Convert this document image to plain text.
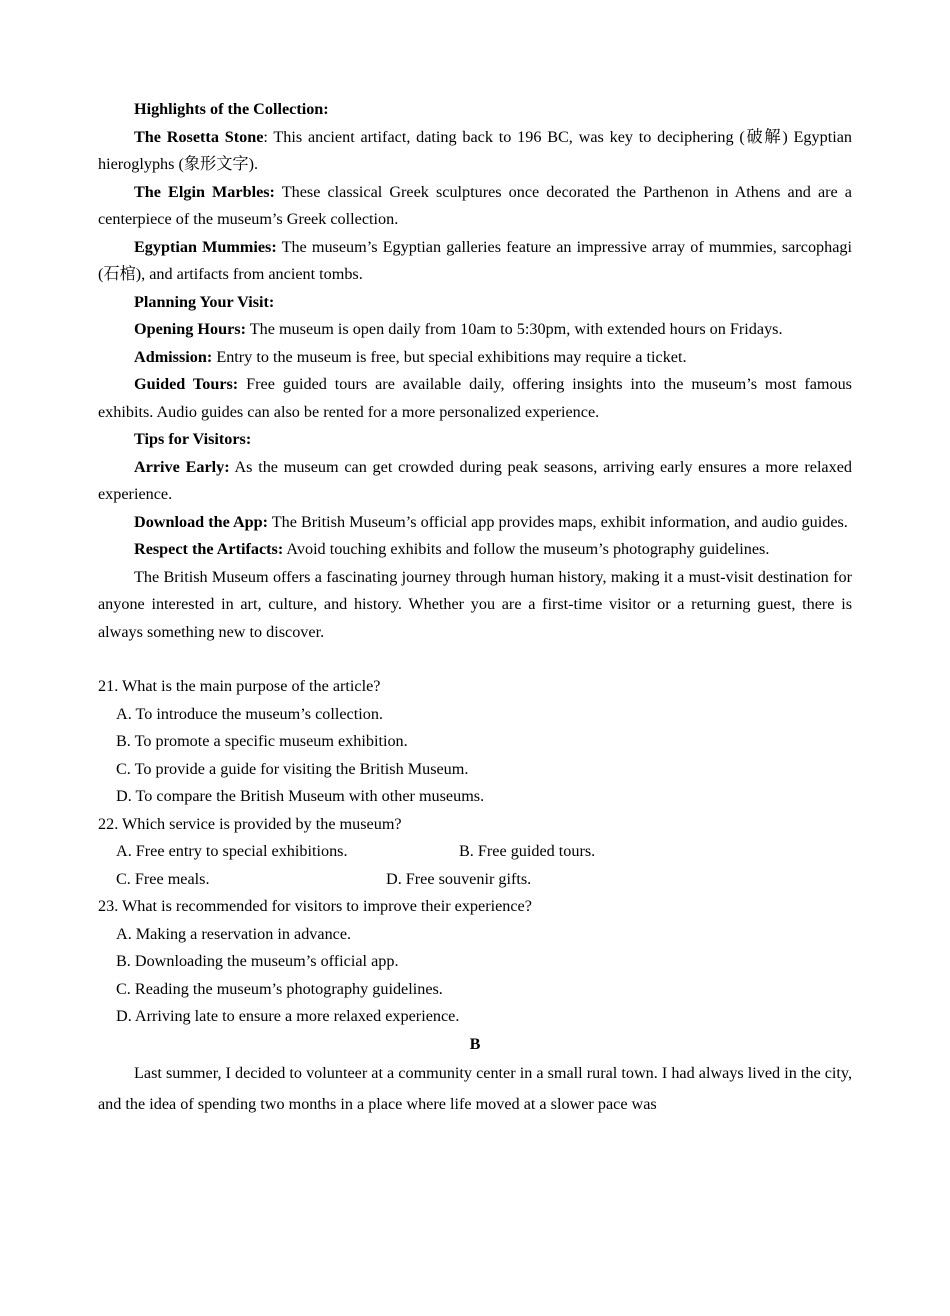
Highlights of the Collection:

The Rosetta Stone: This ancient artifact, dating back to 196 BC, was key to deciphering (破解) Egyptian hieroglyphs (象形文字).

The Elgin Marbles: These classical Greek sculptures once decorated the Parthenon in Athens and are a centerpiece of the museum’s Greek collection.

Egyptian Mummies: The museum’s Egyptian galleries feature an impressive array of mummies, sarcophagi (石棺), and artifacts from ancient tombs.

Planning Your Visit:

Opening Hours: The museum is open daily from 10am to 5:30pm, with extended hours on Fridays.

Admission: Entry to the museum is free, but special exhibitions may require a ticket.

Guided Tours: Free guided tours are available daily, offering insights into the museum’s most famous exhibits. Audio guides can also be rented for a more personalized experience.

Tips for Visitors:

Arrive Early: As the museum can get crowded during peak seasons, arriving early ensures a more relaxed experience.

Download the App: The British Museum’s official app provides maps, exhibit information, and audio guides.

Respect the Artifacts: Avoid touching exhibits and follow the museum’s photography guidelines.

The British Museum offers a fascinating journey through human history, making it a must-visit destination for anyone interested in art, culture, and history. Whether you are a first-time visitor or a returning guest, there is always something new to discover.

21. What is the main purpose of the article?

A. To introduce the museum’s collection.

B. To promote a specific museum exhibition.

C. To provide a guide for visiting the British Museum.

D. To compare the British Museum with other museums.

22. Which service is provided by the museum?

A. Free entry to special exhibitions.	B. Free guided tours.
C. Free meals.	D. Free souvenir gifts.

23. What is recommended for visitors to improve their experience?

A. Making a reservation in advance.

B. Downloading the museum’s official app.

C. Reading the museum’s photography guidelines.

D. Arriving late to ensure a more relaxed experience.

B

Last summer, I decided to volunteer at a community center in a small rural town. I had always lived in the city, and the idea of spending two months in a place where life moved at a slower pace was
